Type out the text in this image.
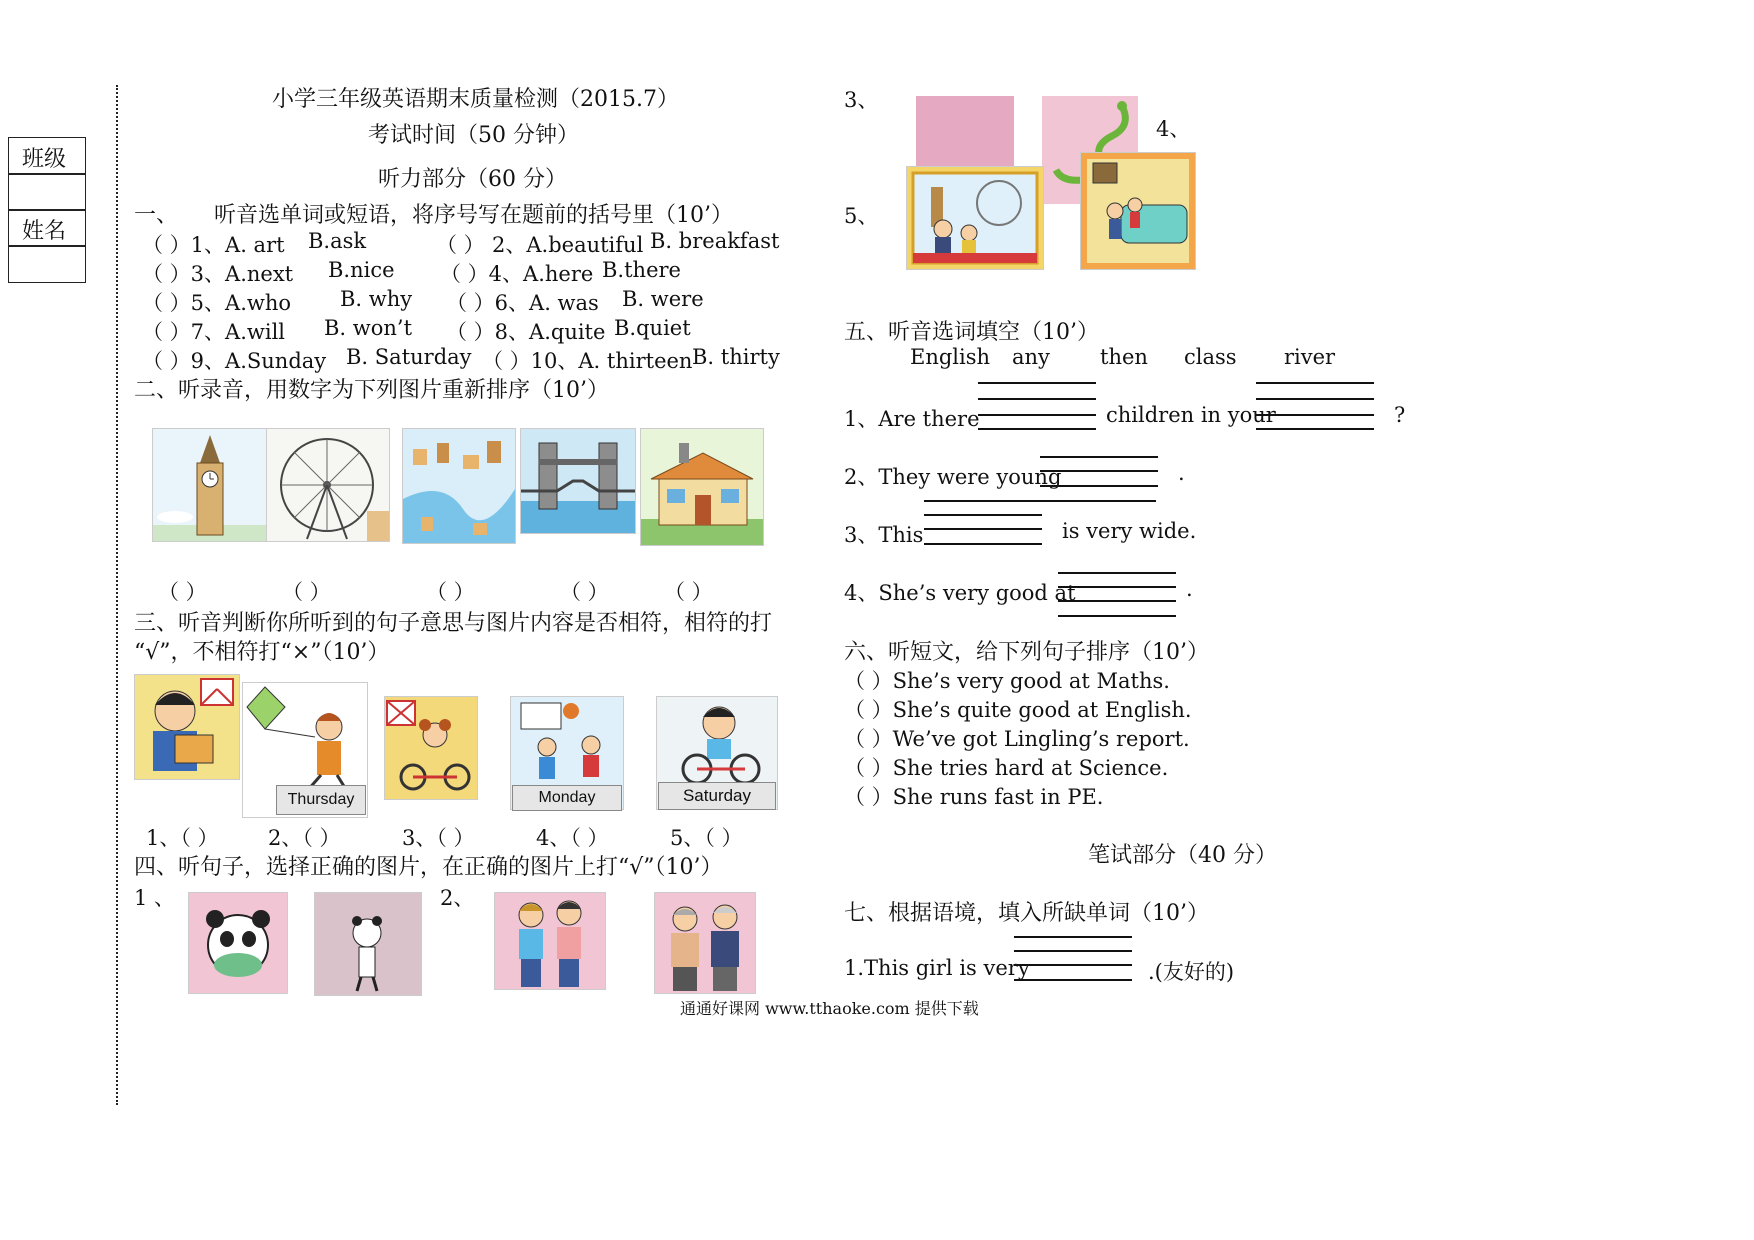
班级
姓名
小学三年级英语期末质量检测（2015.7）
考试时间（50 分钟）
听力部分（60 分）
一、 听音选单词或短语，将序号写在题前的括号里（10’）
（ ）1、A. art B.ask	（ ） 2、A.beautiful B. breakfast
（ ）3、A.next B.nice （ ）4、A.here B.there
（ ）5、A.who B. why （ ）6、A. was B. were
（ ）7、A.will B. won’t （ ）8、A.quite B.quiet
（ ）9、A.Sunday B. Saturday （ ）10、A. thirteen B. thirty
二、听录音，用数字为下列图片重新排序（10’）
（ ）	（ ）	（ ）	（ ）	（ ）
三、听音判断你所听到的句子意思与图片内容是否相符，相符的打
“√”，不相符打“×”（10’）
Thursday	Monday	Saturday
1、（ ） 2、（ ）	3、（ ）	4、（ ）	5、（ ）
四、听句子，选择正确的图片，在正确的图片上打“√”（10’）
1 、	2、
3、
4、
5、
五、听音选词填空（10’）
English any then class river
1、Are there	children in your	?
2、They were young	.
3、This	is very wide.
4、She’s very good at	.
六、听短文，给下列句子排序（10’）
（ ）She’s very good at Maths.
（ ）She’s quite good at English.
（ ）We’ve got Lingling’s report.
（ ）She tries hard at Science.
（ ）She runs fast in PE.
笔试部分（40 分）
七、根据语境，填入所缺单词（10’）
1.This girl is very	.(友好的)
通通好课网 www.tthaoke.com 提供下载
